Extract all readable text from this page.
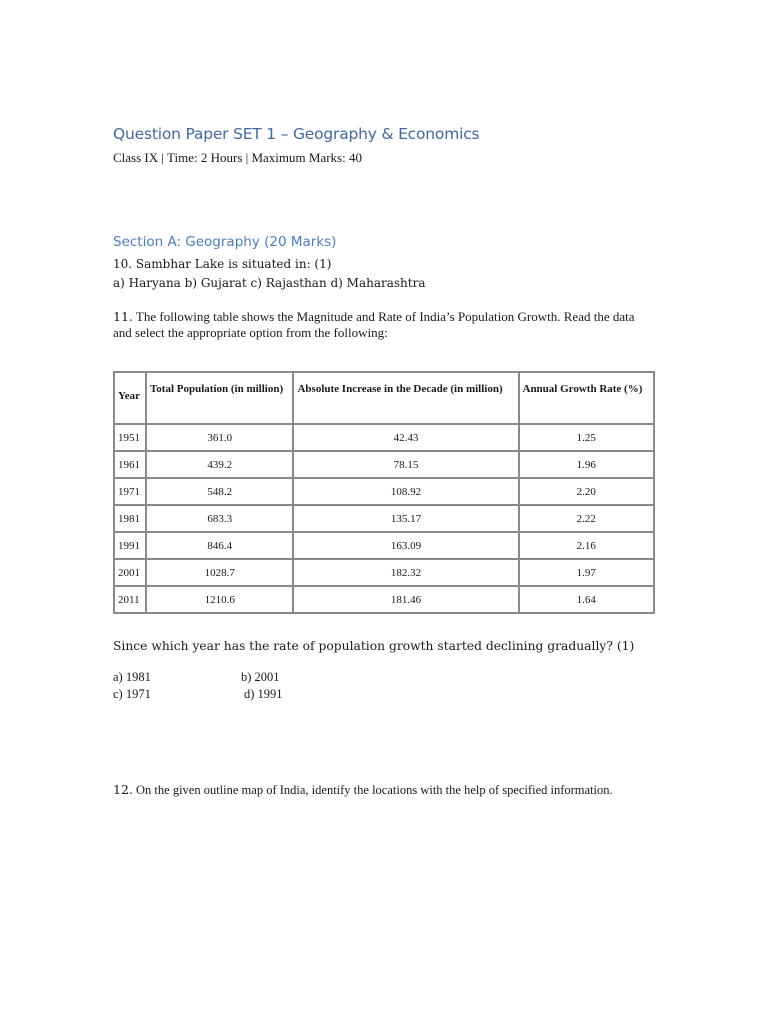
Question Paper SET 1 – Geography & Economics
Class IX | Time: 2 Hours | Maximum Marks: 40
Section A: Geography (20 Marks)
10. Sambhar Lake is situated in: (1)
a) Haryana b) Gujarat c) Rajasthan d) Maharashtra
11. The following table shows the Magnitude and Rate of India’s Population Growth. Read the data and select the appropriate option from the following:
Year	Total Population (in million)	Absolute Increase in the Decade (in million)	Annual Growth Rate (%)

1951	361.0	42.43	1.25
1961	439.2	78.15	1.96
1971	548.2	108.92	2.20
1981	683.3	135.17	2.22
1991	846.4	163.09	2.16
2001	1028.7	182.32	1.97
2011	1210.6	181.46	1.64
Since which year has the rate of population growth started declining gradually? (1)
a) 1981	b) 2001
c) 1971	d) 1991
12. On the given outline map of India, identify the locations with the help of specified information.
